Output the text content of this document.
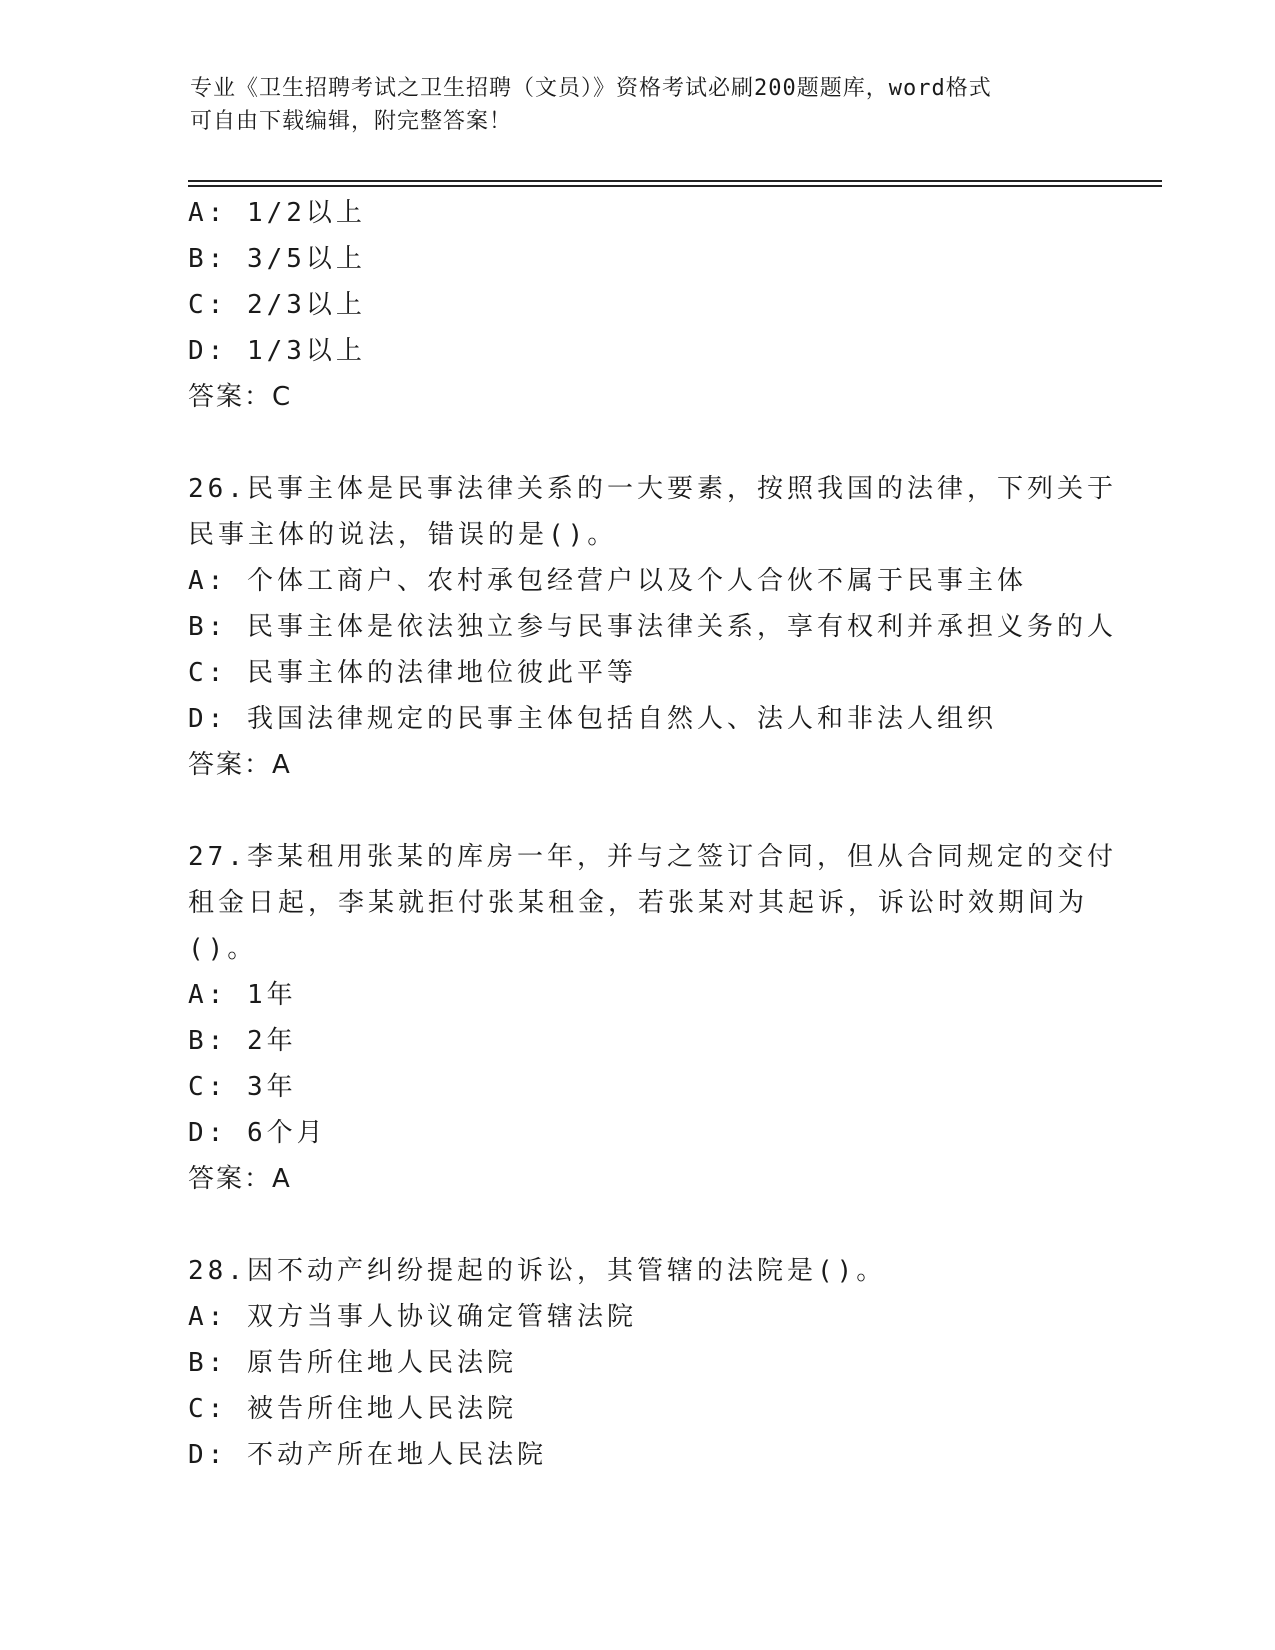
专业《卫生招聘考试之卫生招聘（文员）》资格考试必刷200题题库，word格式
可自由下载编辑，附完整答案！
A: 1/2以上
B: 3/5以上
C: 2/3以上
D: 1/3以上
答案：C
26.民事主体是民事法律关系的一大要素，按照我国的法律，下列关于
民事主体的说法，错误的是()。
A: 个体工商户、农村承包经营户以及个人合伙不属于民事主体
B: 民事主体是依法独立参与民事法律关系，享有权利并承担义务的人
C: 民事主体的法律地位彼此平等
D: 我国法律规定的民事主体包括自然人、法人和非法人组织
答案：A
27.李某租用张某的库房一年，并与之签订合同，但从合同规定的交付
租金日起，李某就拒付张某租金，若张某对其起诉，诉讼时效期间为
()。
A: 1年
B: 2年
C: 3年
D: 6个月
答案：A
28.因不动产纠纷提起的诉讼，其管辖的法院是()。
A: 双方当事人协议确定管辖法院
B: 原告所住地人民法院
C: 被告所住地人民法院
D: 不动产所在地人民法院
